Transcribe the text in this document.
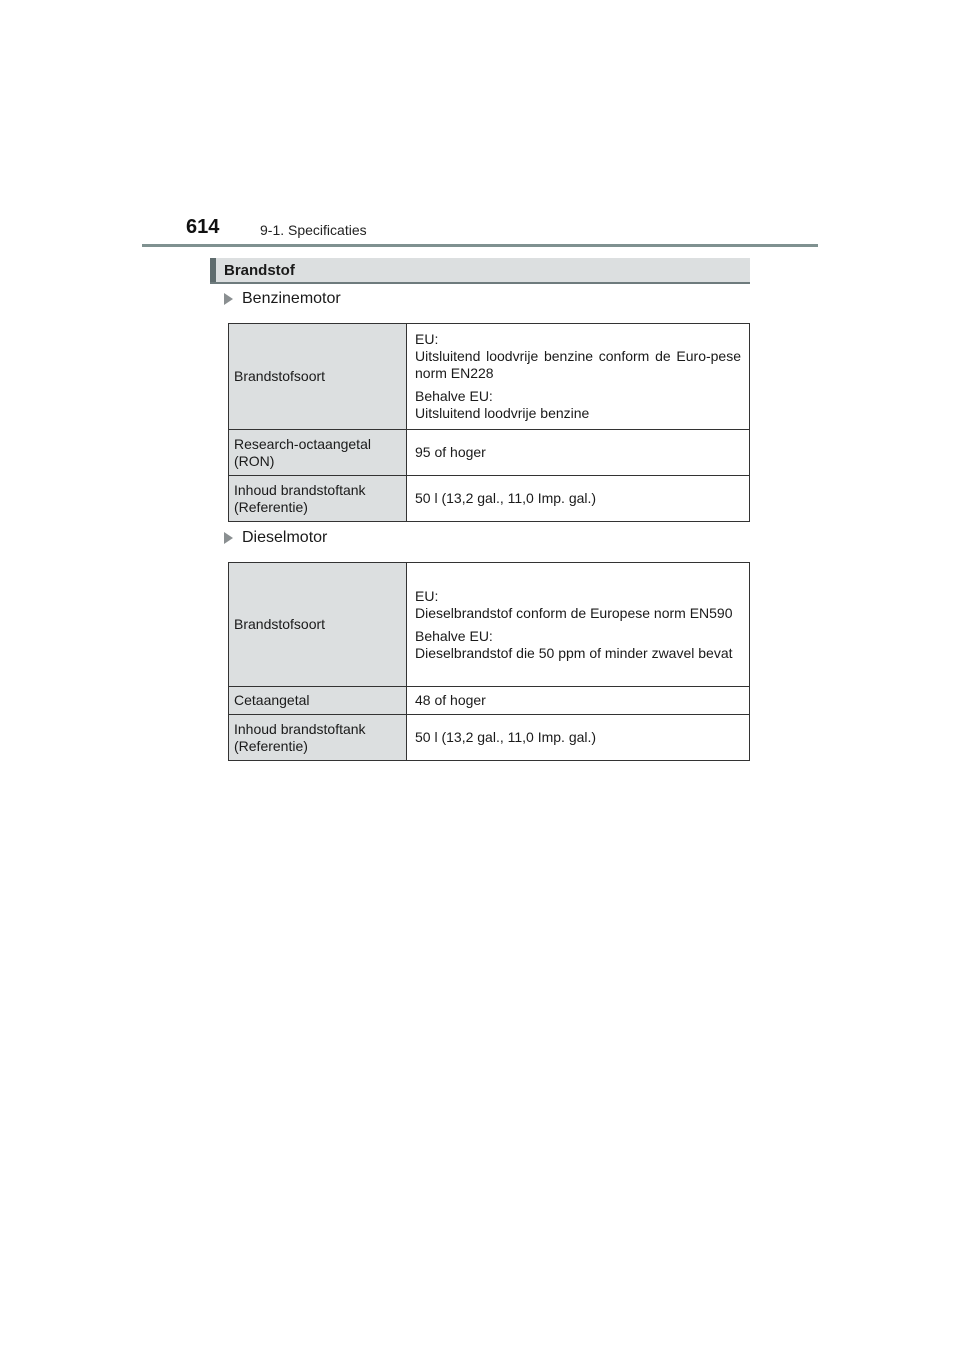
614	9-1. Specificaties
Brandstof
Benzinemotor
Brandstofsoort	EU:
Uitsluitend loodvrije benzine conform de Euro-pese norm EN228

Behalve EU:
Uitsluitend loodvrije benzine

Research-octaangetal (RON)	95 of hoger
Inhoud brandstoftank (Referentie)	50 l (13,2 gal., 11,0 Imp. gal.)
Dieselmotor
Brandstofsoort	EU:
Dieselbrandstof conform de Europese norm EN590

Behalve EU:
Dieselbrandstof die 50 ppm of minder zwavel bevat

Cetaangetal	48 of hoger
Inhoud brandstoftank (Referentie)	50 l (13,2 gal., 11,0 Imp. gal.)
